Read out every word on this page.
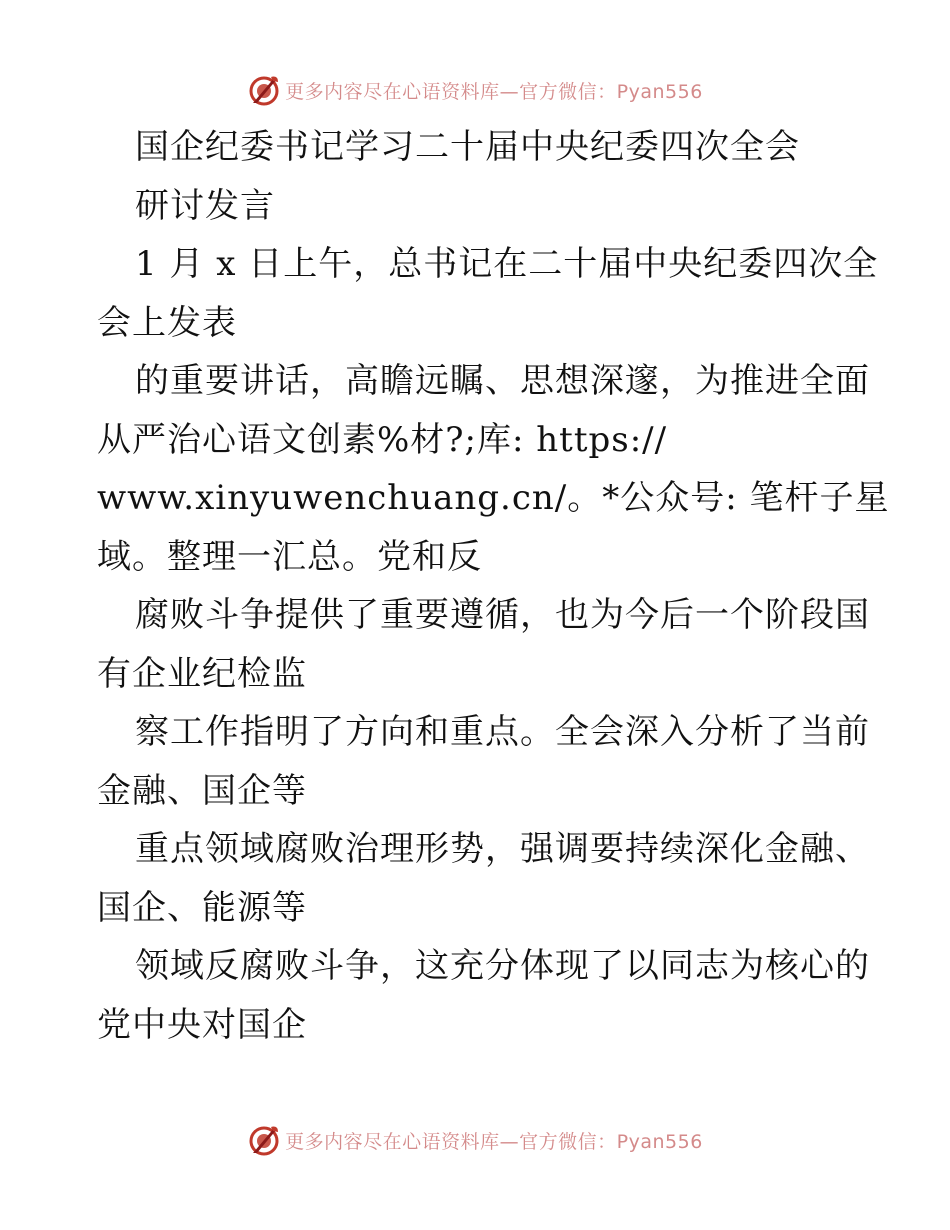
更多内容尽在心语资料库—官方微信：Pyan556
国企纪委书记学习二十届中央纪委四次全会
研讨发言
1 月 x 日上午，总书记在二十届中央纪委四次全
会上发表
的重要讲话，高瞻远瞩、思想深邃，为推进全面
从严治心语文创素%材?;库: https://
www.xinyuwenchuang.cn/。*公众号: 笔杆子星
域。整理一汇总。党和反
腐败斗争提供了重要遵循，也为今后一个阶段国
有企业纪检监
察工作指明了方向和重点。全会深入分析了当前
金融、国企等
重点领域腐败治理形势，强调要持续深化金融、
国企、能源等
领域反腐败斗争，这充分体现了以同志为核心的
党中央对国企
更多内容尽在心语资料库—官方微信：Pyan556
